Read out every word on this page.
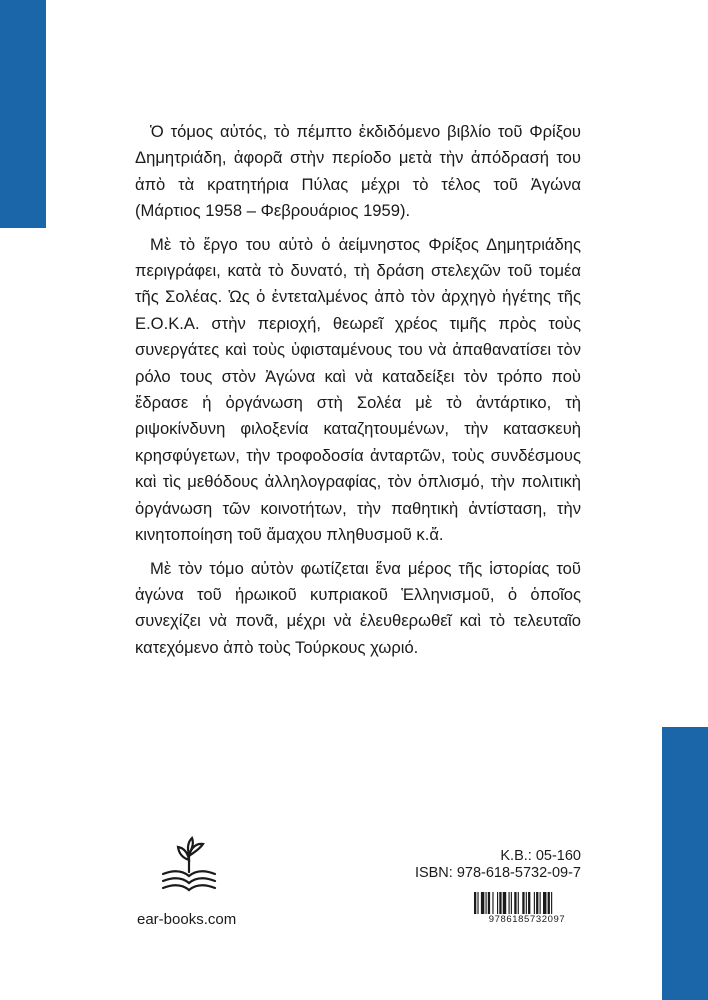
Ὁ τόμος αὐτός, τὸ πέμπτο ἐκδιδόμενο βιβλίο τοῦ Φρίξου Δημητριάδη, ἀφορᾶ στὴν περίοδο μετὰ τὴν ἀπόδρασή του ἀπὸ τὰ κρατητήρια Πύλας μέχρι τὸ τέλος τοῦ Ἀγώνα (Μάρτιος 1958 – Φεβρουάριος 1959).

Μὲ τὸ ἔργο του αὐτὸ ὁ ἀείμνηστος Φρίξος Δημητριάδης περιγράφει, κατὰ τὸ δυνατό, τὴ δράση στελεχῶν τοῦ τομέα τῆς Σολέας. Ὡς ὁ ἐντεταλμένος ἀπὸ τὸν ἀρχηγὸ ἡγέτης τῆς Ε.Ο.Κ.Α. στὴν περιοχή, θεωρεῖ χρέος τιμῆς πρὸς τοὺς συνεργάτες καὶ τοὺς ὑφισταμένους του νὰ ἀπαθανατίσει τὸν ρόλο τους στὸν Ἀγώνα καὶ νὰ καταδείξει τὸν τρόπο ποὺ ἔδρασε ἡ ὀργάνωση στὴ Σολέα μὲ τὸ ἀντάρτικο, τὴ ριψοκίνδυνη φιλοξενία καταζητουμένων, τὴν κατασκευὴ κρησφύγετων, τὴν τροφοδοσία ἀνταρτῶν, τοὺς συνδέσμους καὶ τὶς μεθόδους ἀλληλογραφίας, τὸν ὁπλισμό, τὴν πολιτικὴ ὀργάνωση τῶν κοινοτήτων, τὴν παθητικὴ ἀντίσταση, τὴν κινητοποίηση τοῦ ἄμαχου πληθυσμοῦ κ.ἄ.

Μὲ τὸν τόμο αὐτὸν φωτίζεται ἕνα μέρος τῆς ἱστορίας τοῦ ἀγώνα τοῦ ἡρωικοῦ κυπριακοῦ Ἑλληνισμοῦ, ὁ ὁποῖος συνεχίζει νὰ πονᾶ, μέχρι νὰ ἐλευθερωθεῖ καὶ τὸ τελευταῖο κατεχόμενο ἀπὸ τοὺς Τούρκους χωριό.

ear-books.com
Κ.Β.: 05-160
ISBN: 978-618-5732-09-7
9786185732097
